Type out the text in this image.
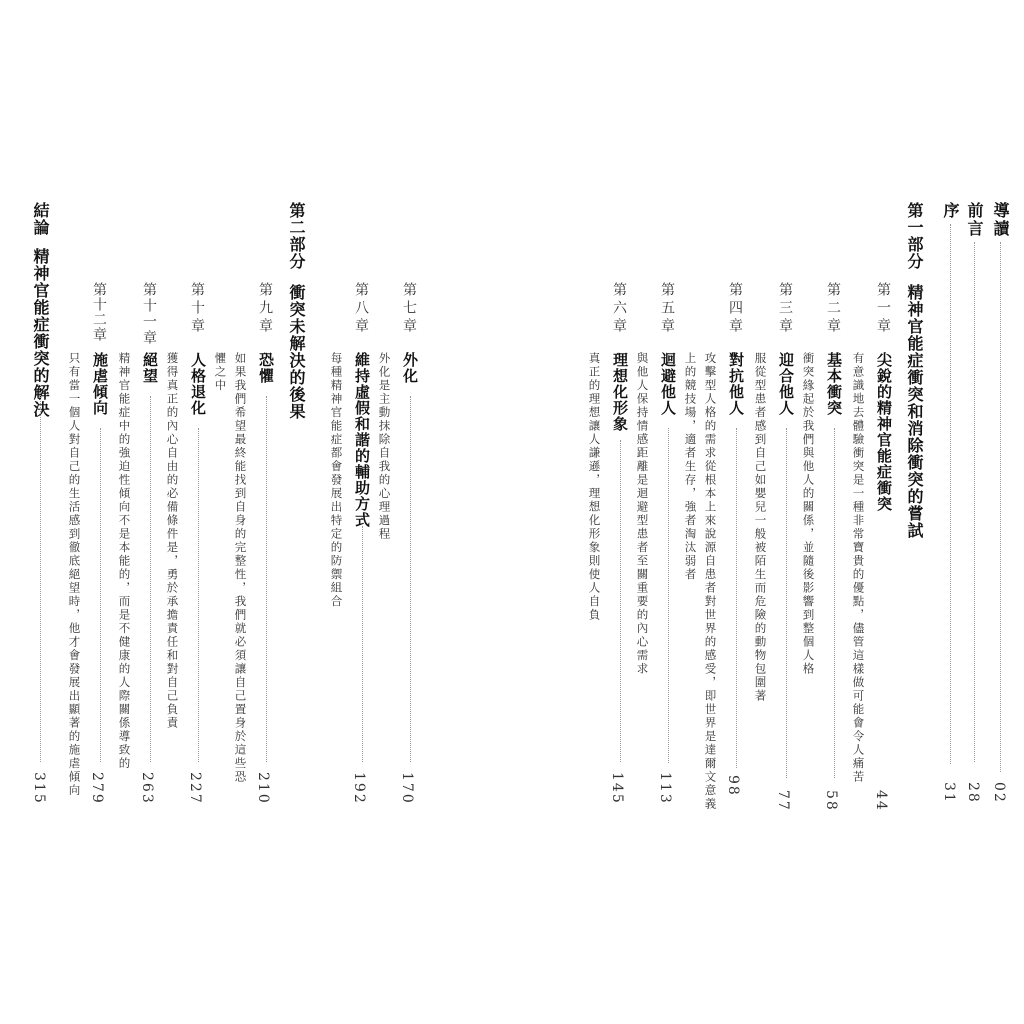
導讀
02
前言
28
序
31
第一部分
精神官能症衝突和消除衝突的嘗試
第一章
尖銳的精神官能症衝突
有意識地去體驗衝突是一種非常寶貴的優點，儘管這樣做可能會令人痛苦
44
第二章
基本衝突
衝突緣起於我們與他人的關係，並隨後影響到整個人格
58
第三章
迎合他人
服從型患者感到自己如嬰兒一般被陌生而危險的動物包圍著
77
第四章
對抗他人
攻擊型人格的需求從根本上來說源自患者對世界的感受，即世界是達爾文意義
上的競技場，適者生存，強者淘汰弱者
98
第五章
迴避他人
與他人保持情感距離是迴避型患者至關重要的內心需求
113
第六章
理想化形象
真正的理想讓人謙遜，理想化形象則使人自負
145
第七章
外化
外化是主動抹除自我的心理過程
170
第八章
維持虛假和諧的輔助方式
每種精神官能症都會發展出特定的防禦組合
192
第二部分
衝突未解決的後果
第九章
恐懼
如果我們希望最終能找到自身的完整性，我們就必須讓自己置身於這些恐
懼之中
210
第十章
人格退化
獲得真正的內心自由的必備條件是，勇於承擔責任和對自己負責
227
第十一章
絕望
精神官能症中的強迫性傾向不是本能的，而是不健康的人際關係導致的
263
第十二章
施虐傾向
只有當一個人對自己的生活感到徹底絕望時，他才會發展出顯著的施虐傾向 279
結論
精神官能症衝突的解決
315
